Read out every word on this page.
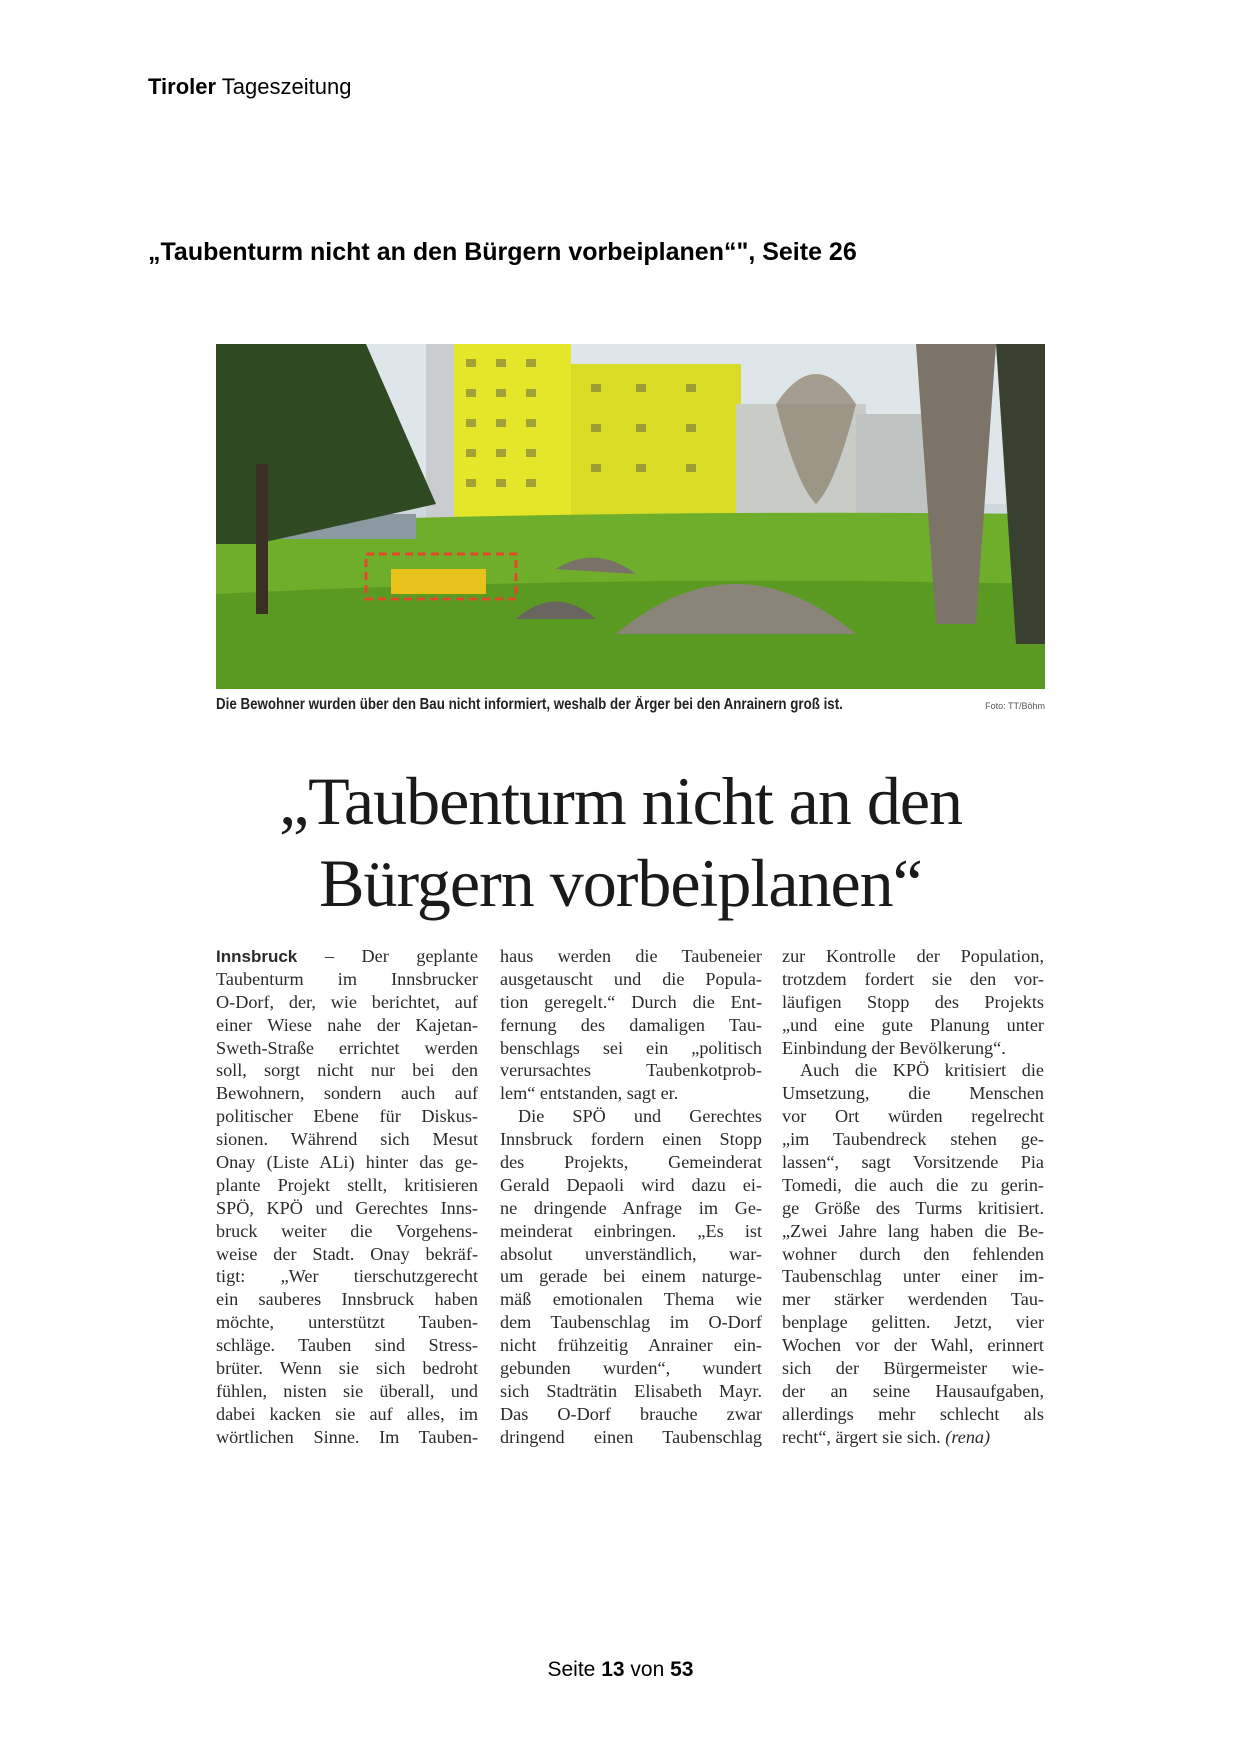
Tiroler Tageszeitung
„Taubenturm nicht an den Bürgern vorbeiplanen“", Seite 26
Die Bewohner wurden über den Bau nicht informiert, weshalb der Ärger bei den Anrainern groß ist.	Foto: TT/Böhm
„Taubenturm nicht an den
Bürgern vorbeiplanen“
Innsbruck – Der geplante
Taubenturm im Innsbrucker
O-Dorf, der, wie berichtet, auf
einer Wiese nahe der Kajetan-
Sweth-Straße errichtet werden
soll, sorgt nicht nur bei den
Bewohnern, sondern auch auf
politischer Ebene für Diskus-
sionen. Während sich Mesut
Onay (Liste ALi) hinter das ge-
plante Projekt stellt, kritisieren
SPÖ, KPÖ und Gerechtes Inns-
bruck weiter die Vorgehens-
weise der Stadt. Onay bekräf-
tigt: „Wer tierschutzgerecht
ein sauberes Innsbruck haben
möchte, unterstützt Tauben-
schläge. Tauben sind Stress-
brüter. Wenn sie sich bedroht
fühlen, nisten sie überall, und
dabei kacken sie auf alles, im
wörtlichen Sinne. Im Tauben-
haus werden die Taubeneier
ausgetauscht und die Popula-
tion geregelt.“ Durch die Ent-
fernung des damaligen Tau-
benschlags sei ein „politisch
verursachtes Taubenkotprob-
lem“ entstanden, sagt er.
Die SPÖ und Gerechtes
Innsbruck fordern einen Stopp
des Projekts, Gemeinderat
Gerald Depaoli wird dazu ei-
ne dringende Anfrage im Ge-
meinderat einbringen. „Es ist
absolut unverständlich, war-
um gerade bei einem naturge-
mäß emotionalen Thema wie
dem Taubenschlag im O-Dorf
nicht frühzeitig Anrainer ein-
gebunden wurden“, wundert
sich Stadträtin Elisabeth Mayr.
Das O-Dorf brauche zwar
dringend einen Taubenschlag
zur Kontrolle der Population,
trotzdem fordert sie den vor-
läufigen Stopp des Projekts
„und eine gute Planung unter
Einbindung der Bevölkerung“.
Auch die KPÖ kritisiert die
Umsetzung, die Menschen
vor Ort würden regelrecht
„im Taubendreck stehen ge-
lassen“, sagt Vorsitzende Pia
Tomedi, die auch die zu gerin-
ge Größe des Turms kritisiert.
„Zwei Jahre lang haben die Be-
wohner durch den fehlenden
Taubenschlag unter einer im-
mer stärker werdenden Tau-
benplage gelitten. Jetzt, vier
Wochen vor der Wahl, erinnert
sich der Bürgermeister wie-
der an seine Hausaufgaben,
allerdings mehr schlecht als
recht“, ärgert sie sich. (rena)
Seite 13 von 53
